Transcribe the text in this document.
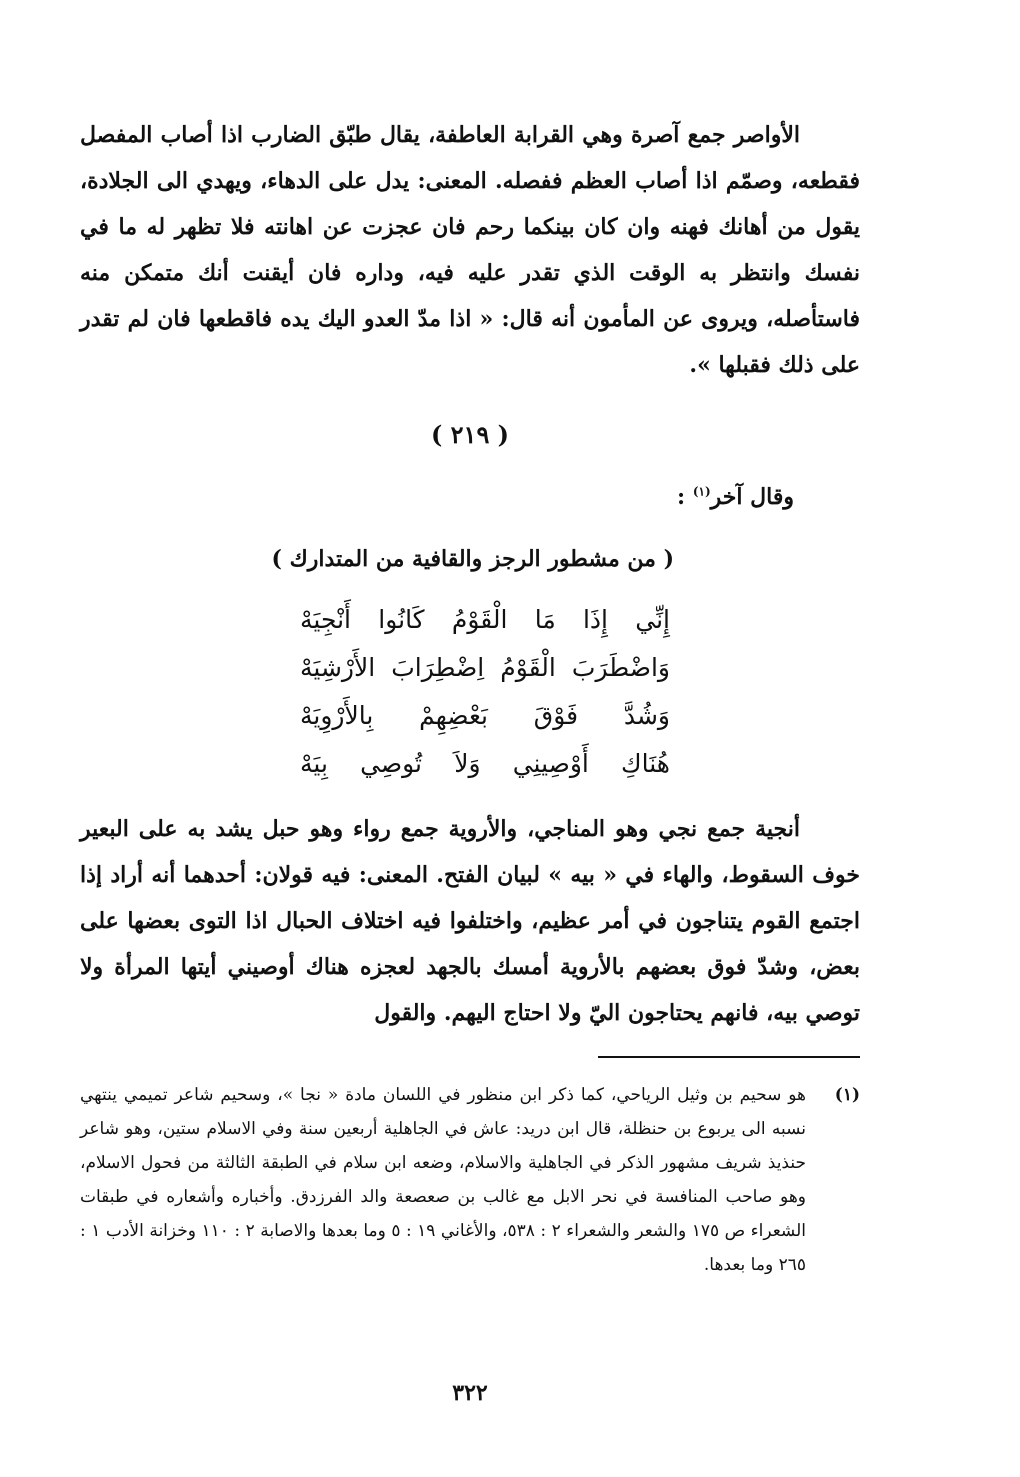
الأواصر جمع آصرة وهي القرابة العاطفة، يقال طبّق الضارب اذا أصاب المفصل فقطعه، وصمّم اذا أصاب العظم ففصله. المعنى: يدل على الدهاء، ويهدي الى الجلادة، يقول من أهانك فهنه وان كان بينكما رحم فان عجزت عن اهانته فلا تظهر له ما في نفسك وانتظر به الوقت الذي تقدر عليه فيه، وداره فان أيقنت أنك متمكن منه فاستأصله، ويروى عن المأمون أنه قال: « اذا مدّ العدو اليك يده فاقطعها فان لم تقدر على ذلك فقبلها ».

( ٢١٩ )
وقال آخر$^{(١)}$ :
( من مشطور الرجز والقافية من المتدارك )
إِنِّي إِذَا مَا الْقَوْمُ كَانُوا أَنْجِيَهْ
وَاضْطَرَبَ الْقَوْمُ اِضْطِرَابَ الأَرْشِيَهْ
وَشُدَّ فَوْقَ بَعْضِهِمْ بِالأَرْوِيَهْ
هُنَاكِ أَوْصِينِي وَلاَ تُوصِي بِيَهْ

أنجية جمع نجي وهو المناجي، والأروية جمع رواء وهو حبل يشد به على البعير خوف السقوط، والهاء في « بيه » لبيان الفتح. المعنى: فيه قولان: أحدهما أنه أراد إذا اجتمع القوم يتناجون في أمر عظيم، واختلفوا فيه اختلاف الحبال اذا التوى بعضها على بعض، وشدّ فوق بعضهم بالأروية أمسك بالجهد لعجزه هناك أوصيني أيتها المرأة ولا توصي بيه، فانهم يحتاجون اليّ ولا احتاج اليهم. والقول

(١)
هو سحيم بن وثيل الرياحي، كما ذكر ابن منظور في اللسان مادة « نجا »، وسحيم شاعر تميمي ينتهي نسبه الى يربوع بن حنظلة، قال ابن دريد: عاش في الجاهلية أربعين سنة وفي الاسلام ستين، وهو شاعر حنذيذ شريف مشهور الذكر في الجاهلية والاسلام، وضعه ابن سلام في الطبقة الثالثة من فحول الاسلام، وهو صاحب المنافسة في نحر الابل مع غالب بن صعصعة والد الفرزدق. وأخباره وأشعاره في طبقات الشعراء ص ١٧٥ والشعر والشعراء ٢ : ٥٣٨، والأغاني ١٩ : ٥ وما بعدها والاصابة ٢ : ١١٠ وخزانة الأدب ١ : ٢٦٥ وما بعدها.
٣٢٢
